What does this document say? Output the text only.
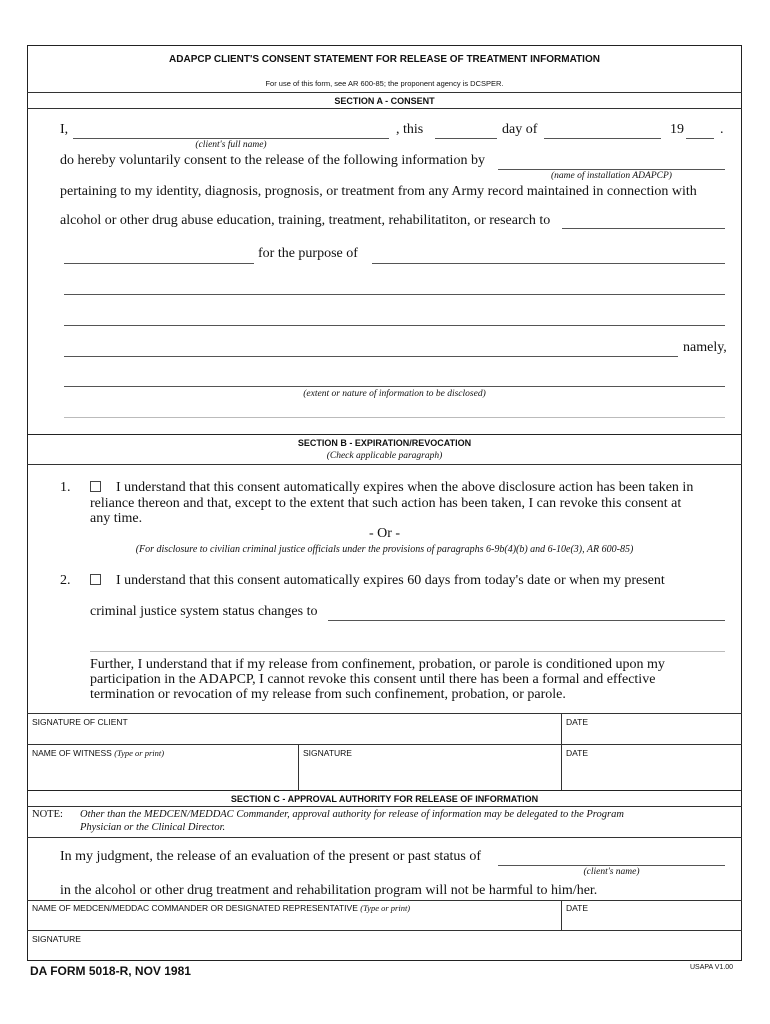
ADAPCP CLIENT'S CONSENT STATEMENT FOR RELEASE OF TREATMENT INFORMATION
For use of this form, see AR 600-85; the proponent agency is DCSPER.
SECTION A - CONSENT
I,
(client's full name)
, this	day of	19	.
do hereby voluntarily consent to the release of the following information by
(name of installation ADAPCP)
pertaining to my identity, diagnosis, prognosis, or treatment from any Army record maintained in connection with
alcohol or other drug abuse education, training, treatment, rehabilitatiton, or research to
for the purpose of
namely,
(extent or nature of information to be disclosed)
SECTION B - EXPIRATION/REVOCATION
(Check applicable paragraph)
1.	I understand that this consent automatically expires when the above disclosure action has been taken in
reliance thereon and that, except to the extent that such action has been taken, I can revoke this consent at
any time.
- Or -
(For disclosure to civilian criminal justice officials under the provisions of paragraphs 6-9b(4)(b) and 6-10e(3), AR 600-85)
2.	I understand that this consent automatically expires 60 days from today's date or when my present
criminal justice system status changes to
Further, I understand that if my release from confinement, probation, or parole is conditioned upon my
participation in the ADAPCP, I cannot revoke this consent until there has been a formal and effective
termination or revocation of my release from such confinement, probation, or parole.
SIGNATURE OF CLIENT	DATE
NAME OF WITNESS (Type or print)	SIGNATURE	DATE
SECTION C - APPROVAL AUTHORITY FOR RELEASE OF INFORMATION
NOTE: Other than the MEDCEN/MEDDAC Commander, approval authority for release of information may be delegated to the Program
Physician or the Clinical Director.
In my judgment, the release of an evaluation of the present or past status of
(client's name)
in the alcohol or other drug treatment and rehabilitation program will not be harmful to him/her.
NAME OF MEDCEN/MEDDAC COMMANDER OR DESIGNATED REPRESENTATIVE (Type or print)	DATE
SIGNATURE
DA FORM 5018-R, NOV 1981	USAPA V1.00
